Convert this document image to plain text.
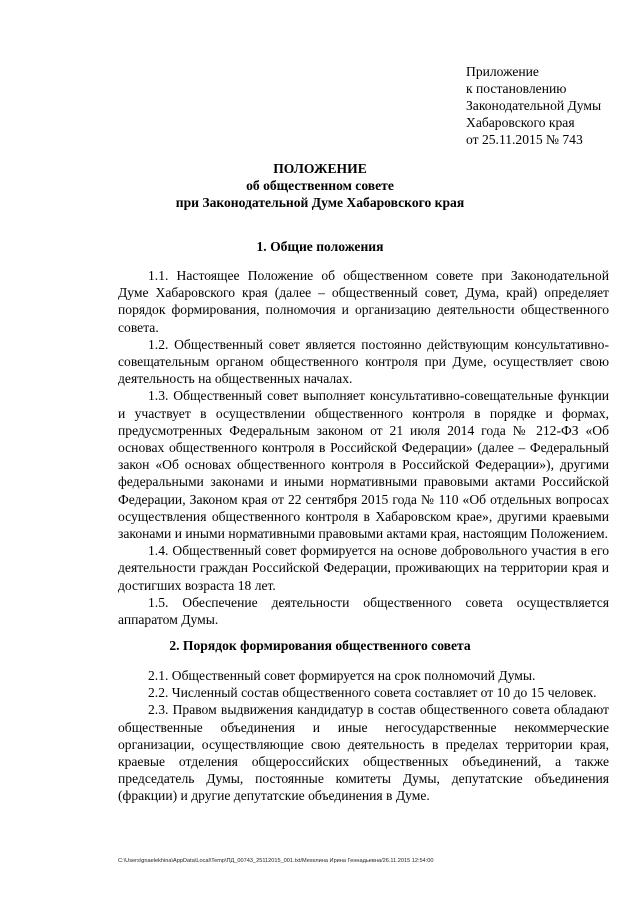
Приложение
к постановлению
Законодательной Думы
Хабаровского края
от 25.11.2015 № 743
ПОЛОЖЕНИЕ
об общественном совете
при Законодательной Думе Хабаровского края
1. Общие положения

1.1. Настоящее Положение об общественном совете при Законодательной Думе Хабаровского края (далее – общественный совет, Дума, край) определяет порядок формирования, полномочия и организацию деятельности общественного совета.

1.2. Общественный совет является постоянно действующим консультативно-совещательным органом общественного контроля при Думе, осуществляет свою деятельность на общественных началах.

1.3. Общественный совет выполняет консультативно-совещательные функции и участвует в осуществлении общественного контроля в порядке и формах, предусмотренных Федеральным законом от 21 июля 2014 года № 212-ФЗ «Об основах общественного контроля в Российской Федерации» (далее – Федеральный закон «Об основах общественного контроля в Российской Федерации»), другими федеральными законами и иными нормативными правовыми актами Российской Федерации, Законом края от 22 сентября 2015 года № 110 «Об отдельных вопросах осуществления общественного контроля в Хабаровском крае», другими краевыми законами и иными нормативными правовыми актами края, настоящим Положением.

1.4. Общественный совет формируется на основе добровольного участия в его деятельности граждан Российской Федерации, проживающих на территории края и достигших возраста 18 лет.

1.5. Обеспечение деятельности общественного совета осуществляется аппаратом Думы.

2. Порядок формирования общественного совета

2.1. Общественный совет формируется на срок полномочий Думы.

2.2. Численный состав общественного совета составляет от 10 до 15 человек.

2.3. Правом выдвижения кандидатур в состав общественного совета обладают общественные объединения и иные негосударственные некоммерческие организации, осуществляющие свою деятельность в пределах территории края, краевые отделения общероссийских общественных объединений, а также председатель Думы, постоянные комитеты Думы, депутатские объединения (фракции) и другие депутатские объединения в Думе.

C:\Users\gnaelekhina\AppData\Local\Temp\ПД_00743_25112015_001.txt/Мехелина Ирина Геннадьевна/26.11.2015 12:54:00
